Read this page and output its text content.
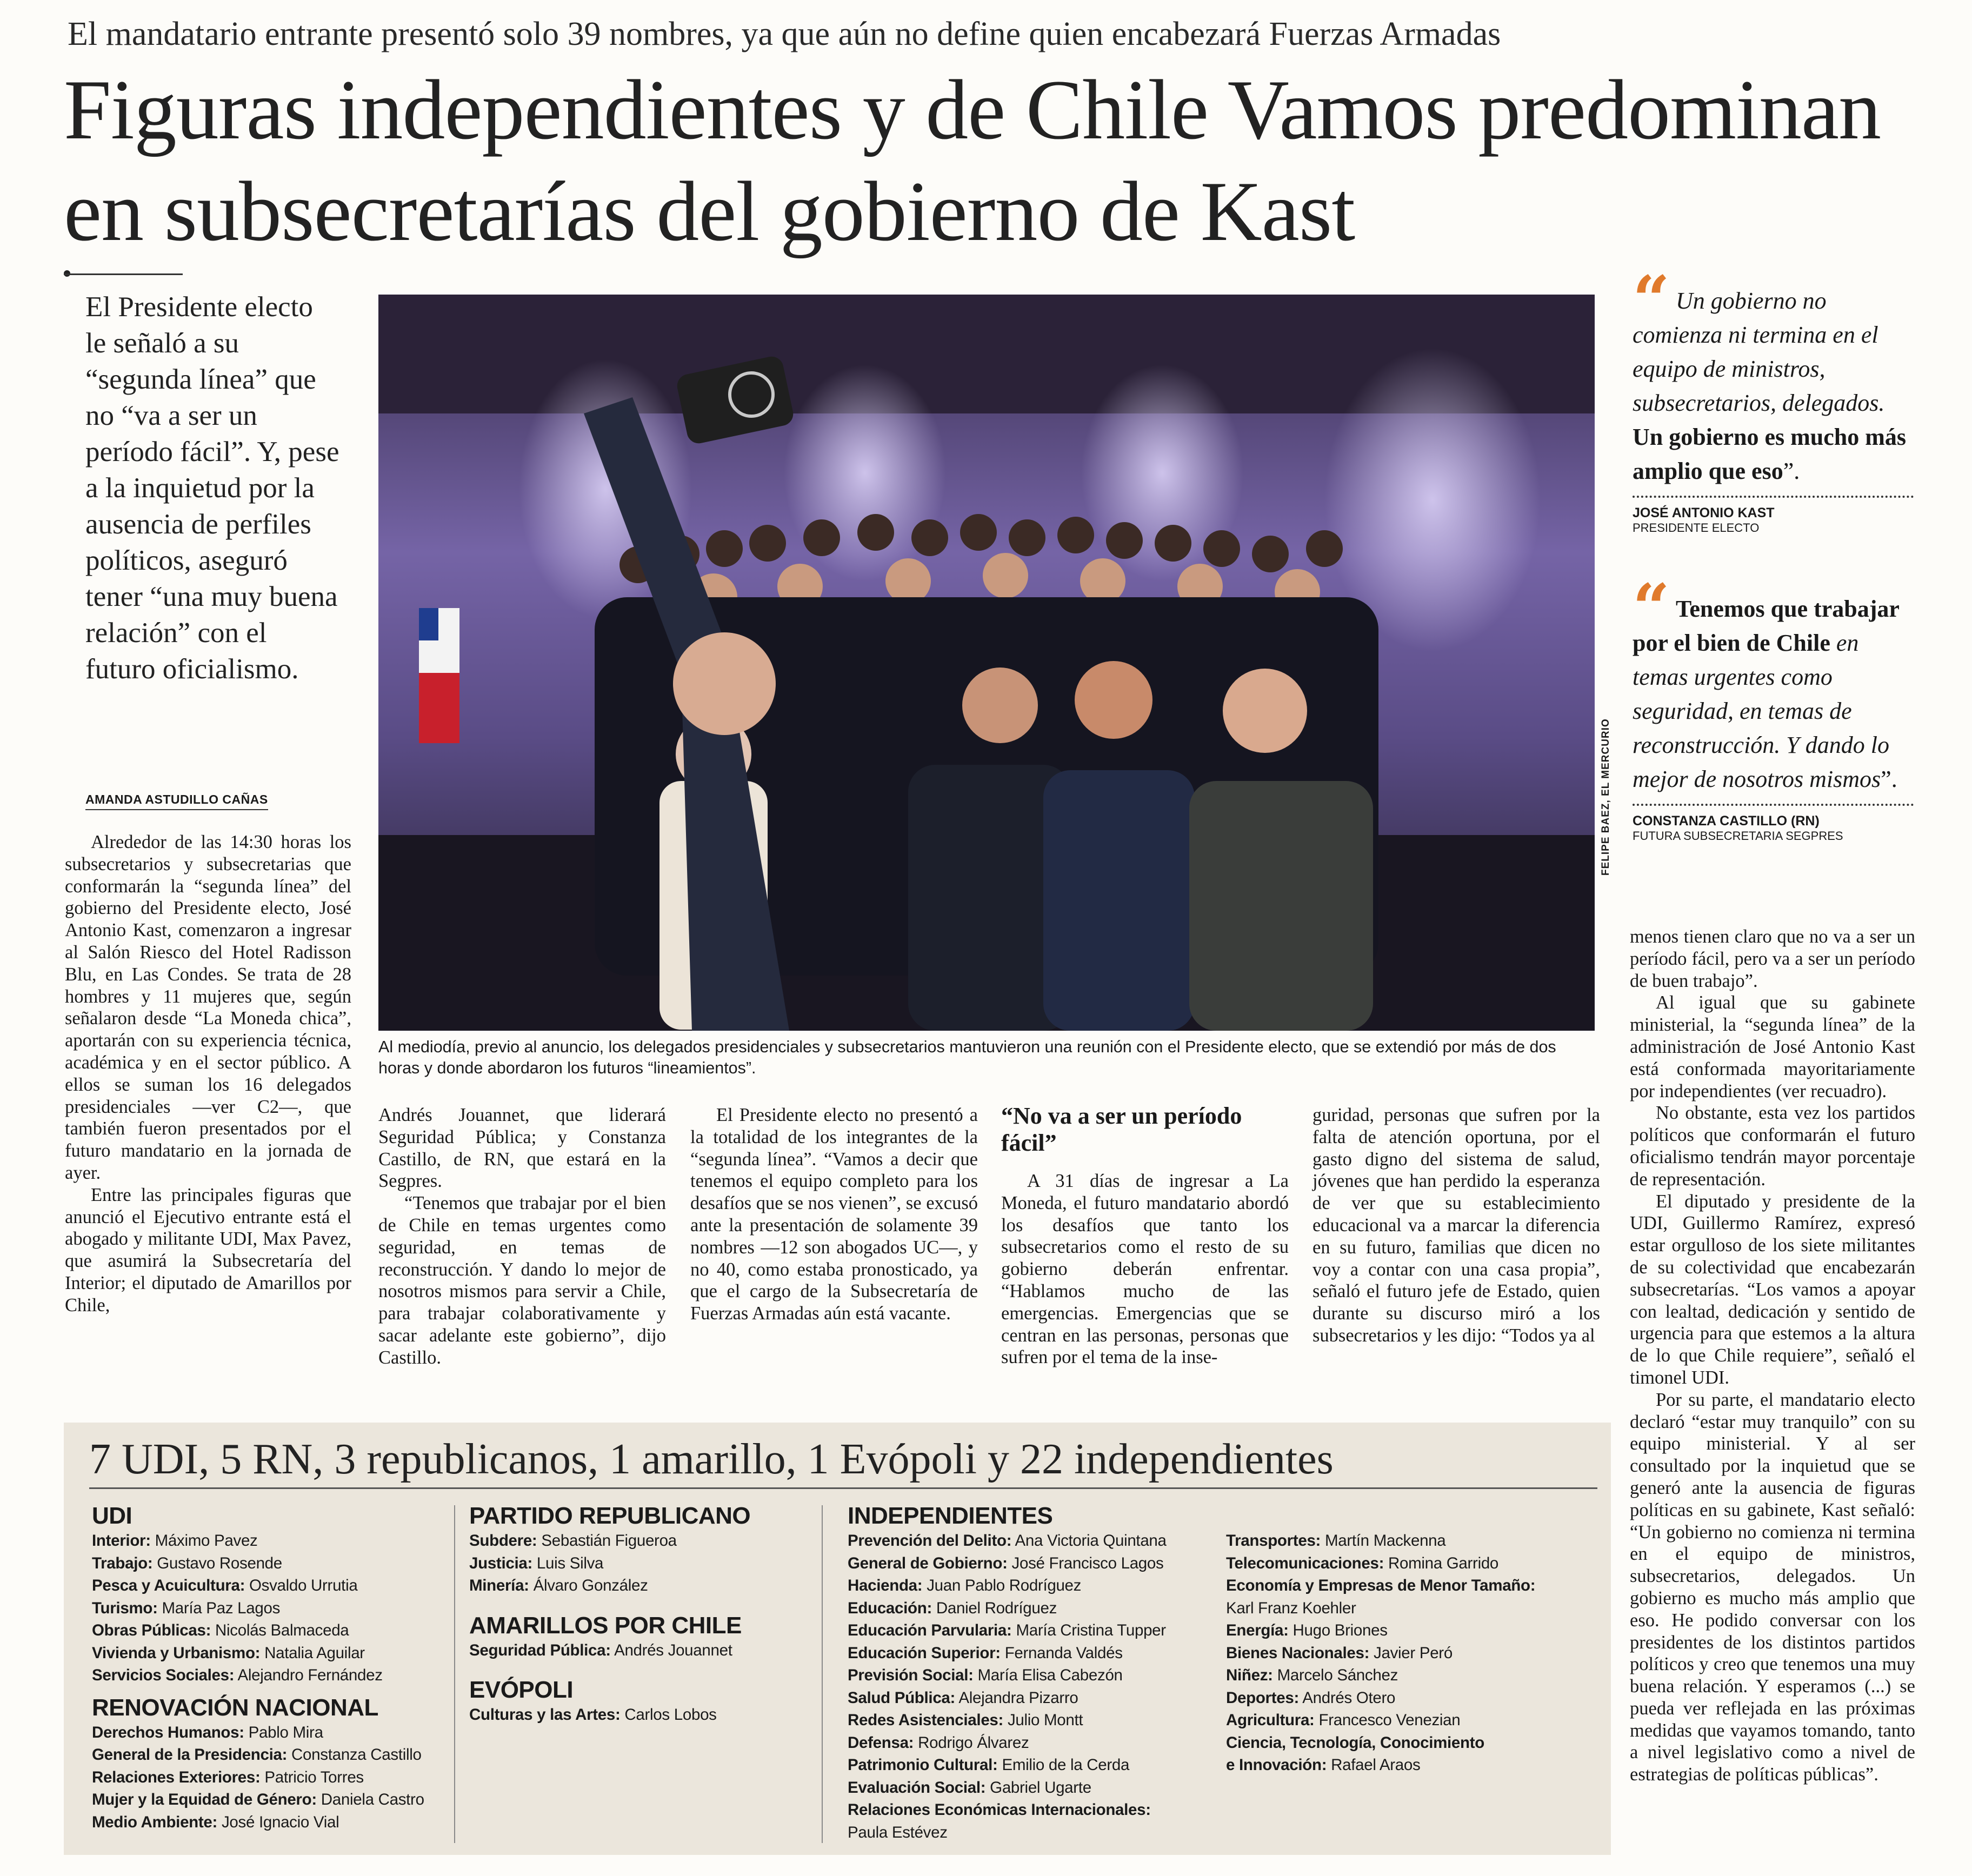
El mandatario entrante presentó solo 39 nombres, ya que aún no define quien encabezará Fuerzas Armadas
Figuras independientes y de Chile Vamos predominan en subsecretarías del gobierno de Kast
El Presidente electo le señaló a su “segunda línea” que no “va a ser un período fácil”. Y, pese a la inquietud por la ausencia de perfiles políticos, aseguró tener “una muy buena relación” con el futuro oficialismo.
AMANDA ASTUDILLO CAÑAS

Alrededor de las 14:30 horas los subsecretarios y subsecretarias que conformarán la “segunda línea” del gobierno del Presidente electo, José Antonio Kast, comenzaron a ingresar al Salón Riesco del Hotel Radisson Blu, en Las Condes. Se trata de 28 hombres y 11 mujeres que, según señalaron desde “La Moneda chica”, aportarán con su experiencia técnica, académica y en el sector público. A ellos se suman los 16 delegados presidenciales —ver C2—, que también fueron presentados por el futuro mandatario en la jornada de ayer.

Entre las principales figuras que anunció el Ejecutivo entrante está el abogado y militante UDI, Max Pavez, que asumirá la Subsecretaría del Interior; el diputado de Amarillos por Chile,

FELIPE BAEZ, EL MERCURIO
Al mediodía, previo al anuncio, los delegados presidenciales y subsecretarios mantuvieron una reunión con el Presidente electo, que se extendió por más de dos horas y donde abordaron los futuros “lineamientos”.

Andrés Jouannet, que liderará Seguridad Pública; y Constanza Castillo, de RN, que estará en la Segpres.

“Tenemos que trabajar por el bien de Chile en temas urgentes como seguridad, en temas de reconstrucción. Y dando lo mejor de nosotros mismos para servir a Chile, para trabajar colaborativamente y sacar adelante este gobierno”, dijo Castillo.

El Presidente electo no presentó a la totalidad de los integrantes de la “segunda línea”. “Vamos a decir que tenemos el equipo completo para los desafíos que se nos vienen”, se excusó ante la presentación de solamente 39 nombres —12 son abogados UC—, y no 40, como estaba pronosticado, ya que el cargo de la Subsecretaría de Fuerzas Armadas aún está vacante.

“No va a ser un período fácil”

A 31 días de ingresar a La Moneda, el futuro mandatario abordó los desafíos que tanto los subsecretarios como el resto de su gobierno deberán enfrentar. “Hablamos mucho de las emergencias. Emergencias que se centran en las personas, personas que sufren por el tema de la inse-

guridad, personas que sufren por la falta de atención oportuna, por el gasto digno del sistema de salud, jóvenes que han perdido la esperanza de ver que su establecimiento educacional va a marcar la diferencia en su futuro, familias que dicen no voy a contar con una casa propia”, señaló el futuro jefe de Estado, quien durante su discurso miró a los subsecretarios y les dijo: “Todos ya al

“ Un gobierno no comienza ni termina en el equipo de ministros, subsecretarios, delegados. Un gobierno es mucho más amplio que eso”.
JOSÉ ANTONIO KAST
PRESIDENTE ELECTO
“ Tenemos que trabajar por el bien de Chile en temas urgentes como seguridad, en temas de reconstrucción. Y dando lo mejor de nosotros mismos”.
CONSTANZA CASTILLO (RN)
FUTURA SUBSECRETARIA SEGPRES

menos tienen claro que no va a ser un período fácil, pero va a ser un período de buen trabajo”.

Al igual que su gabinete ministerial, la “segunda línea” de la administración de José Antonio Kast está conformada mayoritariamente por independientes (ver recuadro).

No obstante, esta vez los partidos políticos que conformarán el futuro oficialismo tendrán mayor porcentaje de representación.

El diputado y presidente de la UDI, Guillermo Ramírez, expresó estar orgulloso de los siete militantes de su colectividad que encabezarán subsecretarías. “Los vamos a apoyar con lealtad, dedicación y sentido de urgencia para que estemos a la altura de lo que Chile requiere”, señaló el timonel UDI.

Por su parte, el mandatario electo declaró “estar muy tranquilo” con su equipo ministerial. Y al ser consultado por la inquietud que se generó ante la ausencia de figuras políticas en su gabinete, Kast señaló: “Un gobierno no comienza ni termina en el equipo de ministros, subsecretarios, delegados. Un gobierno es mucho más amplio que eso. He podido conversar con los presidentes de los distintos partidos políticos y creo que tenemos una muy buena relación. Y esperamos (...) se pueda ver reflejada en las próximas medidas que vayamos tomando, tanto a nivel legislativo como a nivel de estrategias de políticas públicas”.

7 UDI, 5 RN, 3 republicanos, 1 amarillo, 1 Evópoli y 22 independientes
UDI
Interior: Máximo Pavez
Trabajo: Gustavo Rosende
Pesca y Acuicultura: Osvaldo Urrutia
Turismo: María Paz Lagos
Obras Públicas: Nicolás Balmaceda
Vivienda y Urbanismo: Natalia Aguilar
Servicios Sociales: Alejandro Fernández
RENOVACIÓN NACIONAL
Derechos Humanos: Pablo Mira
General de la Presidencia: Constanza Castillo
Relaciones Exteriores: Patricio Torres
Mujer y la Equidad de Género: Daniela Castro
Medio Ambiente: José Ignacio Vial
PARTIDO REPUBLICANO
Subdere: Sebastián Figueroa
Justicia: Luis Silva
Minería: Álvaro González
AMARILLOS POR CHILE
Seguridad Pública: Andrés Jouannet
EVÓPOLI
Culturas y las Artes: Carlos Lobos
INDEPENDIENTES
Prevención del Delito: Ana Victoria Quintana
General de Gobierno: José Francisco Lagos
Hacienda: Juan Pablo Rodríguez
Educación: Daniel Rodríguez
Educación Parvularia: María Cristina Tupper
Educación Superior: Fernanda Valdés
Previsión Social: María Elisa Cabezón
Salud Pública: Alejandra Pizarro
Redes Asistenciales: Julio Montt
Defensa: Rodrigo Álvarez
Patrimonio Cultural: Emilio de la Cerda
Evaluación Social: Gabriel Ugarte
Relaciones Económicas Internacionales:
Paula Estévez
Transportes: Martín Mackenna
Telecomunicaciones: Romina Garrido
Economía y Empresas de Menor Tamaño:
Karl Franz Koehler
Energía: Hugo Briones
Bienes Nacionales: Javier Peró
Niñez: Marcelo Sánchez
Deportes: Andrés Otero
Agricultura: Francesco Venezian
Ciencia, Tecnología, Conocimiento
e Innovación: Rafael Araos
